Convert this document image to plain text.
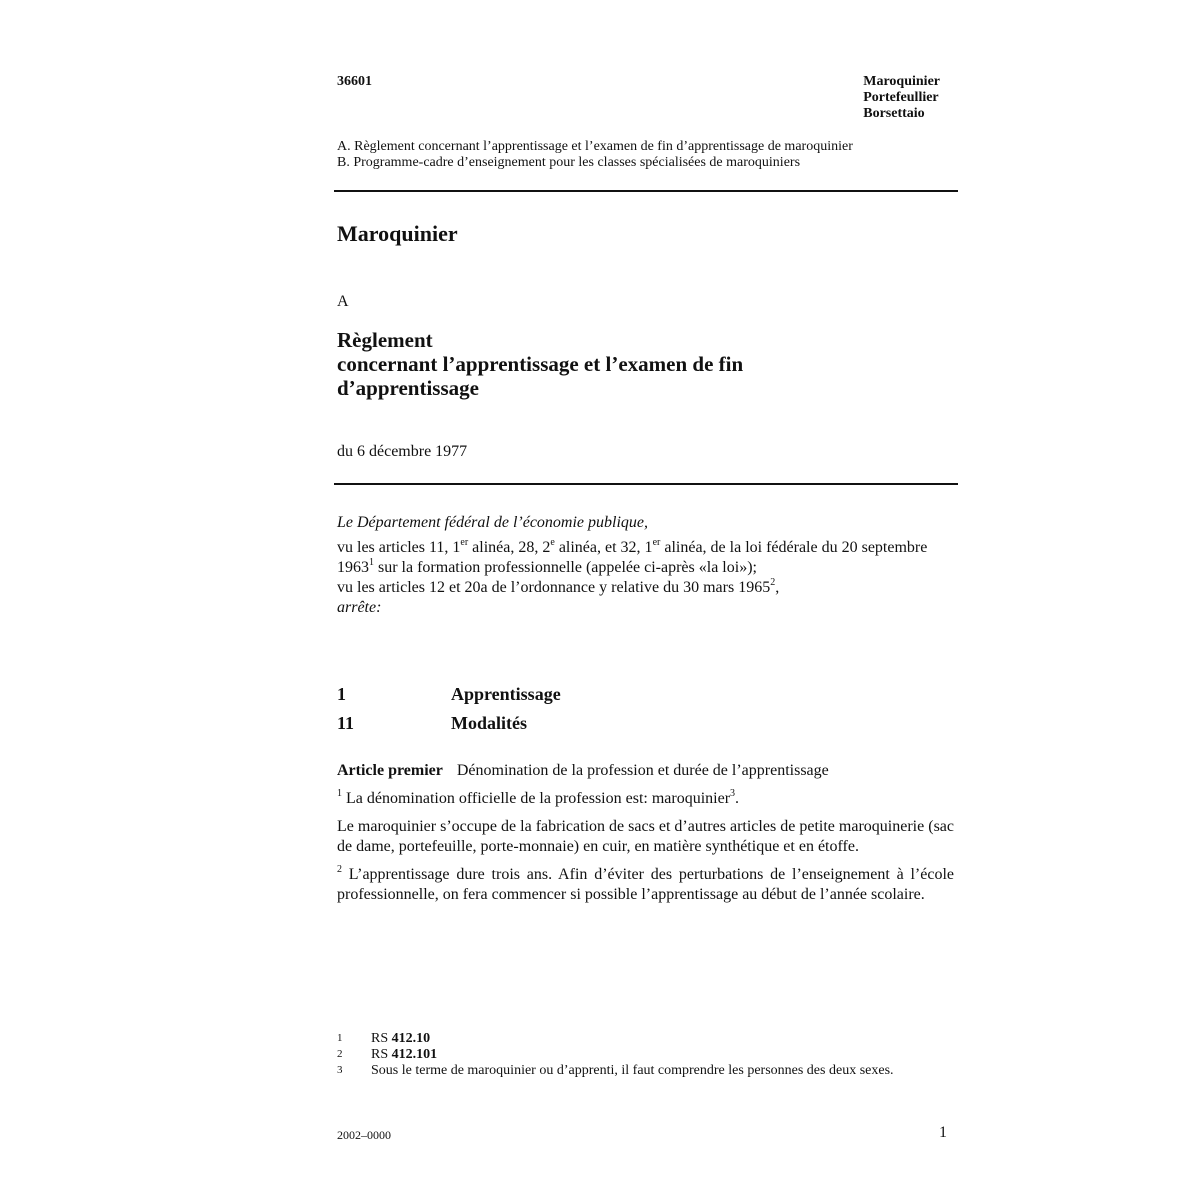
36601	Maroquinier
Portefeullier
Borsettaio
A. Règlement concernant l’apprentissage et l’examen de fin d’apprentissage de maroquinier
B. Programme-cadre d’enseignement pour les classes spécialisées de maroquiniers
Maroquinier
A
Règlement
concernant l’apprentissage et l’examen de fin
d’apprentissage
du 6 décembre 1977

Le Département fédéral de l’économie publique,

vu les articles 11, 1er alinéa, 28, 2e alinéa, et 32, 1er alinéa, de la loi fédérale du 20 septembre 1963$^1$ sur la formation professionnelle (appelée ci-après «la loi»);

vu les articles 12 et 20a de l’ordonnance y relative du 30 mars 1965$^2$,

arrête:

1	Apprentissage
11	Modalités
Article premier Dénomination de la profession et durée de l’apprentissage

$^1$ La dénomination officielle de la profession est: maroquinier$^3$.

Le maroquinier s’occupe de la fabrication de sacs et d’autres articles de petite maroquinerie (sac de dame, portefeuille, porte-monnaie) en cuir, en matière synthétique et en étoffe.

$^2$ L’apprentissage dure trois ans. Afin d’éviter des perturbations de l’enseignement à l’école professionnelle, on fera commencer si possible l’apprentissage au début de l’année scolaire.

1	RS 412.10
2	RS 412.101
3	Sous le terme de maroquinier ou d’apprenti, il faut comprendre les personnes des deux sexes.
2002–0000	1
